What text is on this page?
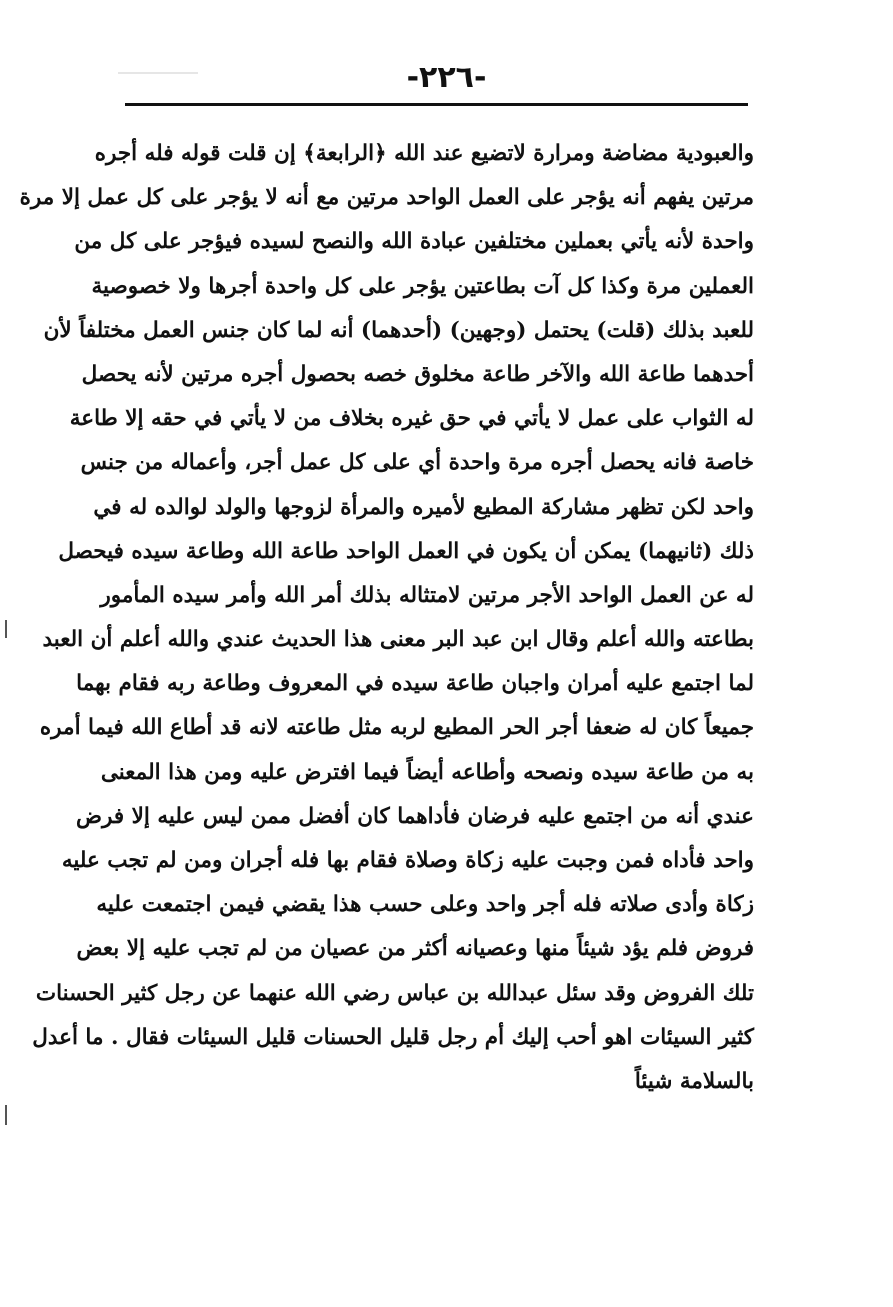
-٢٢٦-
والعبودية مضاضة ومرارة لاتضيع عند الله ﴿الرابعة﴾ إن قلت قوله فله أجره
مرتين يفهم أنه يؤجر على العمل الواحد مرتين مع أنه لا يؤجر على كل عمل إلا مرة
واحدة لأنه يأتي بعملين مختلفين عبادة الله والنصح لسيده فيؤجر على كل من
العملين مرة وكذا كل آت بطاعتين يؤجر على كل واحدة أجرها ولا خصوصية
للعبد بذلك (قلت) يحتمل (وجهين) (أحدهما) أنه لما كان جنس العمل مختلفاً لأن
أحدهما طاعة الله والآخر طاعة مخلوق خصه بحصول أجره مرتين لأنه يحصل
له الثواب على عمل لا يأتي في حق غيره بخلاف من لا يأتي في حقه إلا طاعة
خاصة فانه يحصل أجره مرة واحدة أي على كل عمل أجر، وأعماله من جنس
واحد لكن تظهر مشاركة المطيع لأميره والمرأة لزوجها والولد لوالده له في
ذلك (ثانيهما) يمكن أن يكون في العمل الواحد طاعة الله وطاعة سيده فيحصل
له عن العمل الواحد الأجر مرتين لامتثاله بذلك أمر الله وأمر سيده المأمور
بطاعته والله أعلم وقال ابن عبد البر معنى هذا الحديث عندي والله أعلم أن العبد
لما اجتمع عليه أمران واجبان طاعة سيده في المعروف وطاعة ربه فقام بهما
جميعاً كان له ضعفا أجر الحر المطيع لربه مثل طاعته لانه قد أطاع الله فيما أمره
به من طاعة سيده ونصحه وأطاعه أيضاً فيما افترض عليه ومن هذا المعنى
عندي أنه من اجتمع عليه فرضان فأداهما كان أفضل ممن ليس عليه إلا فرض
واحد فأداه فمن وجبت عليه زكاة وصلاة فقام بها فله أجران ومن لم تجب عليه
زكاة وأدى صلاته فله أجر واحد وعلى حسب هذا يقضي فيمن اجتمعت عليه
فروض فلم يؤد شيئاً منها وعصيانه أكثر من عصيان من لم تجب عليه إلا بعض
تلك الفروض وقد سئل عبدالله بن عباس رضي الله عنهما عن رجل كثير الحسنات
كثير السيئات اهو أحب إليك أم رجل قليل الحسنات قليل السيئات فقال . ما أعدل
بالسلامة شيئاً
